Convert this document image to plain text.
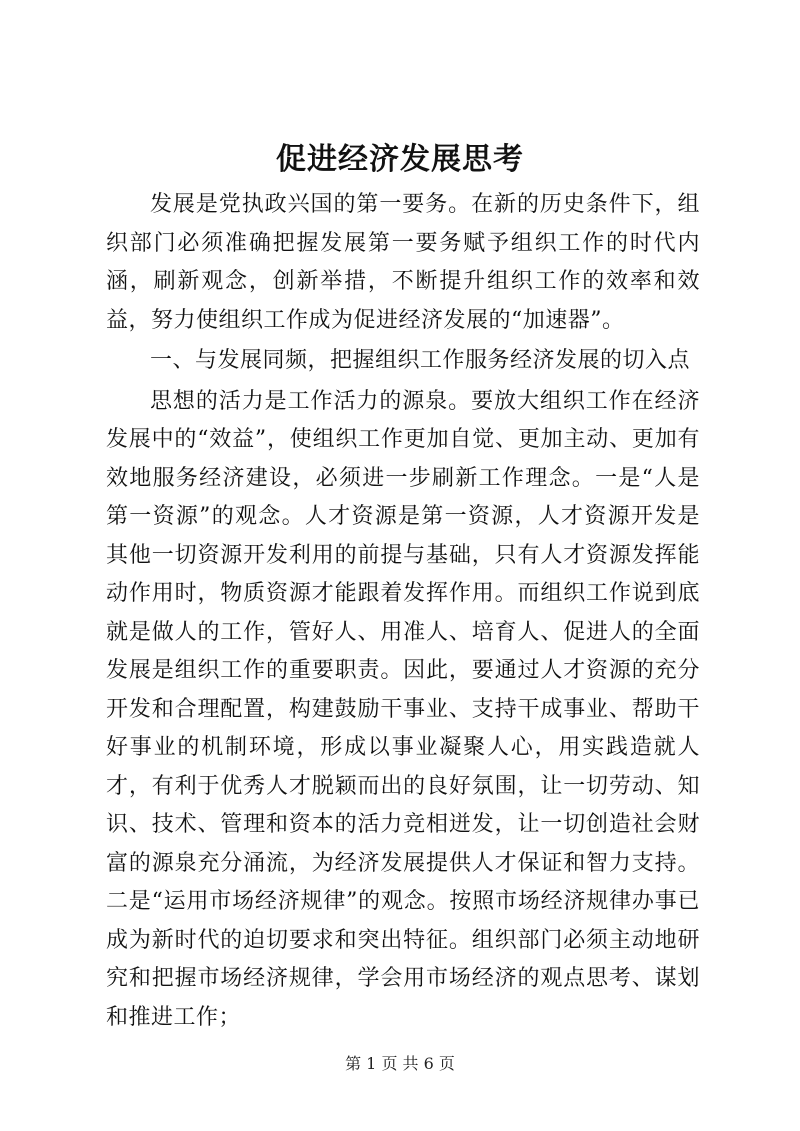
促进经济发展思考

发展是党执政兴国的第一要务。在新的历史条件下，组织部门必须准确把握发展第一要务赋予组织工作的时代内涵，刷新观念，创新举措，不断提升组织工作的效率和效益，努力使组织工作成为促进经济发展的“加速器”。

一、与发展同频，把握组织工作服务经济发展的切入点

思想的活力是工作活力的源泉。要放大组织工作在经济发展中的“效益”，使组织工作更加自觉、更加主动、更加有效地服务经济建设，必须进一步刷新工作理念。一是“人是第一资源”的观念。人才资源是第一资源，人才资源开发是其他一切资源开发利用的前提与基础，只有人才资源发挥能动作用时，物质资源才能跟着发挥作用。而组织工作说到底就是做人的工作，管好人、用准人、培育人、促进人的全面发展是组织工作的重要职责。因此，要通过人才资源的充分开发和合理配置，构建鼓励干事业、支持干成事业、帮助干好事业的机制环境，形成以事业凝聚人心，用实践造就人才，有利于优秀人才脱颖而出的良好氛围，让一切劳动、知识、技术、管理和资本的活力竞相迸发，让一切创造社会财富的源泉充分涌流，为经济发展提供人才保证和智力支持。二是“运用市场经济规律”的观念。按照市场经济规律办事已成为新时代的迫切要求和突出特征。组织部门必须主动地研究和把握市场经济规律，学会用市场经济的观点思考、谋划和推进工作；

第 1 页 共 6 页
